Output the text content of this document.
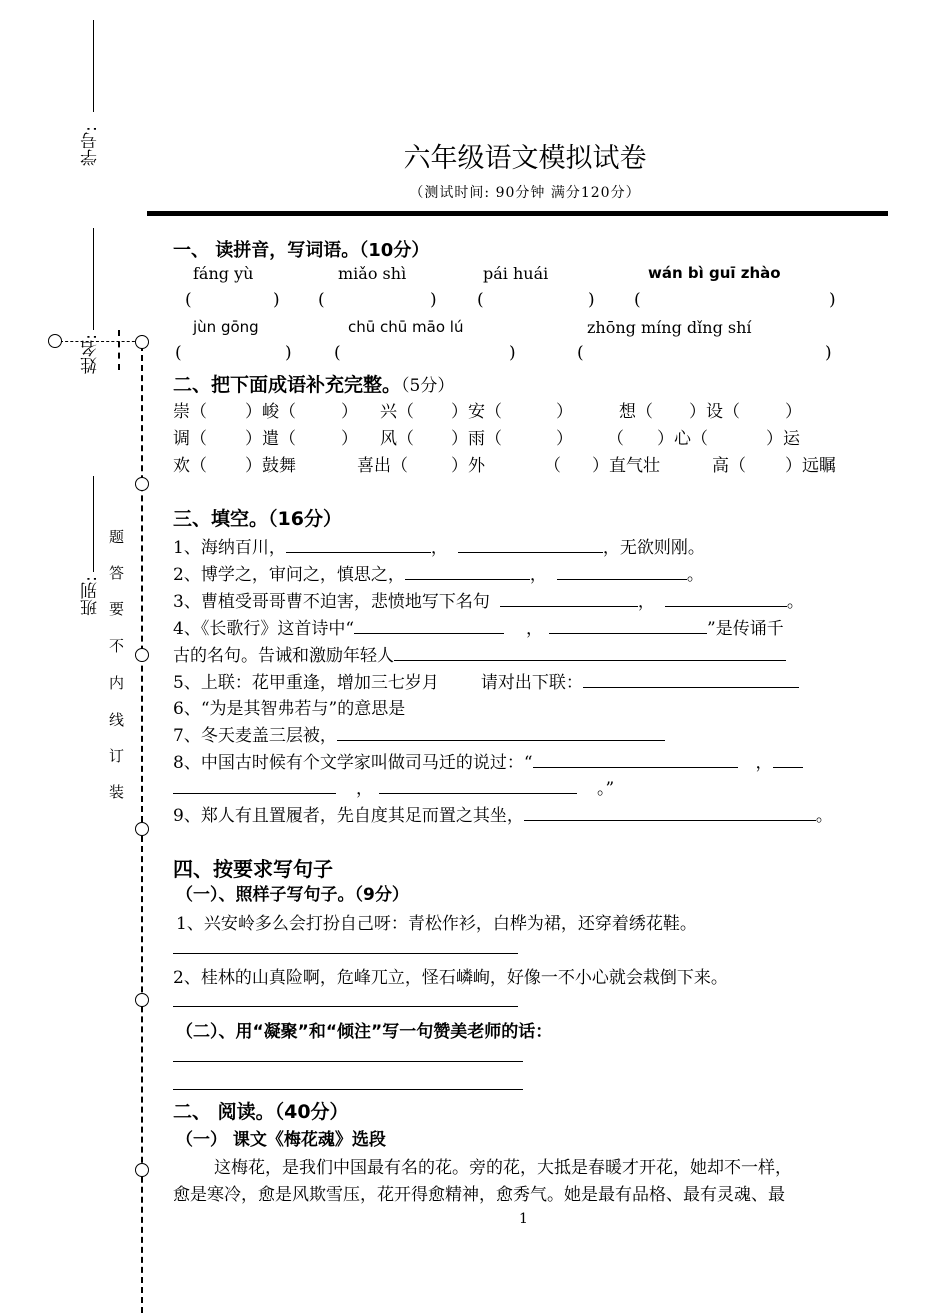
学号:
姓名:
班别:
装
订
线
内
不
要
答
题
六年级语文模拟试卷
（测试时间: 90分钟 满分120分）
一、 读拼音，写词语。（10分）
fáng yù	miǎo shì	pái huái	wán bì guī zhào
(	) (	) (	) (	)
jùn gōng	chū chū māo lú	zhōng míng dǐng shí
(	) (	)	(	)
二、把下面成语补充完整。（5分）
崇（ ）峻（	） 兴（ ）安（	）	想（ ）设（	）
调（ ）遣（	） 风（ ）雨（	） （ ）心（	）运
欢（ ）鼓舞	喜出（	）外	（ ）直气壮	高（ ）远瞩
三、填空。（16分）
1、海纳百川，	，	，无欲则刚。
2、博学之，审问之，慎思之，	，	。
3、曹植受哥哥曹不迫害，悲愤地写下名句	，	。
4、《长歌行》这首诗中“	，	”是传诵千
古的名句。告诫和激励年轻人
5、上联：花甲重逢，增加三七岁月 请对出下联：
6、“为是其智弗若与”的意思是
7、冬天麦盖三层被，
8、中国古时候有个文学家叫做司马迁的说过：“	，
，	。”
9、郑人有且置履者，先自度其足而置之其坐，	。
四、按要求写句子
（一）、照样子写句子。（9分）
1、兴安岭多么会打扮自己呀：青松作衫，白桦为裙，还穿着绣花鞋。
2、桂林的山真险啊，危峰兀立，怪石嶙峋，好像一不小心就会栽倒下来。
（二）、用“凝聚”和“倾注”写一句赞美老师的话：
二、 阅读。（40分）
（一） 课文《梅花魂》选段
这梅花，是我们中国最有名的花。旁的花，大抵是春暖才开花，她却不一样，
愈是寒冷，愈是风欺雪压，花开得愈精神，愈秀气。她是最有品格、最有灵魂、最
1
